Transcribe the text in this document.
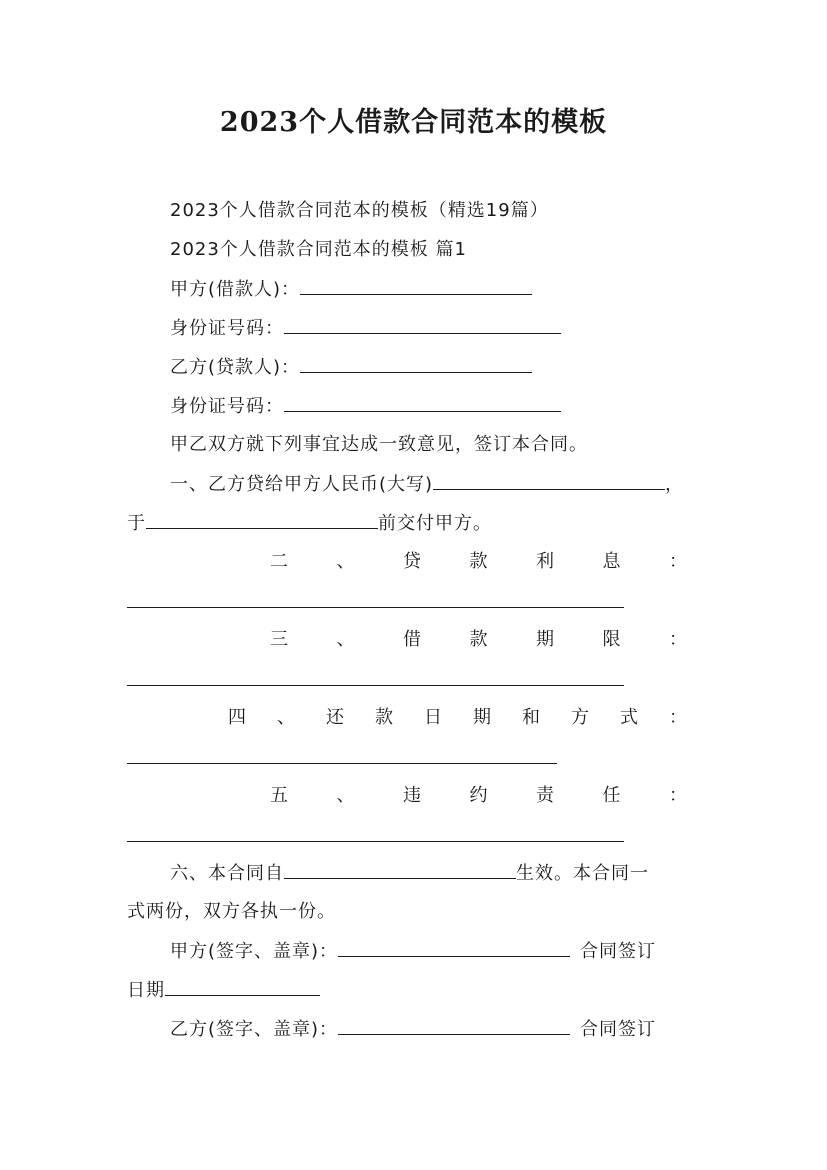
2023个人借款合同范本的模板
2023个人借款合同范本的模板（精选19篇）
2023个人借款合同范本的模板 篇1
甲方(借款人)：
身份证号码：
乙方(贷款人)：
身份证号码：
甲乙双方就下列事宜达成一致意见，签订本合同。
一、乙方贷给甲方人民币(大写)	，
于	前交付甲方。
二	、	贷	款	利	息	：
三	、	借	款	期	限	：
四 、 还 款 日 期 和 方 式 ：
五	、	违	约	责	任	：
六、本合同自	生效。本合同一
式两份，双方各执一份。
甲方(签字、盖章)：	合同签订
日期
乙方(签字、盖章)：	合同签订
